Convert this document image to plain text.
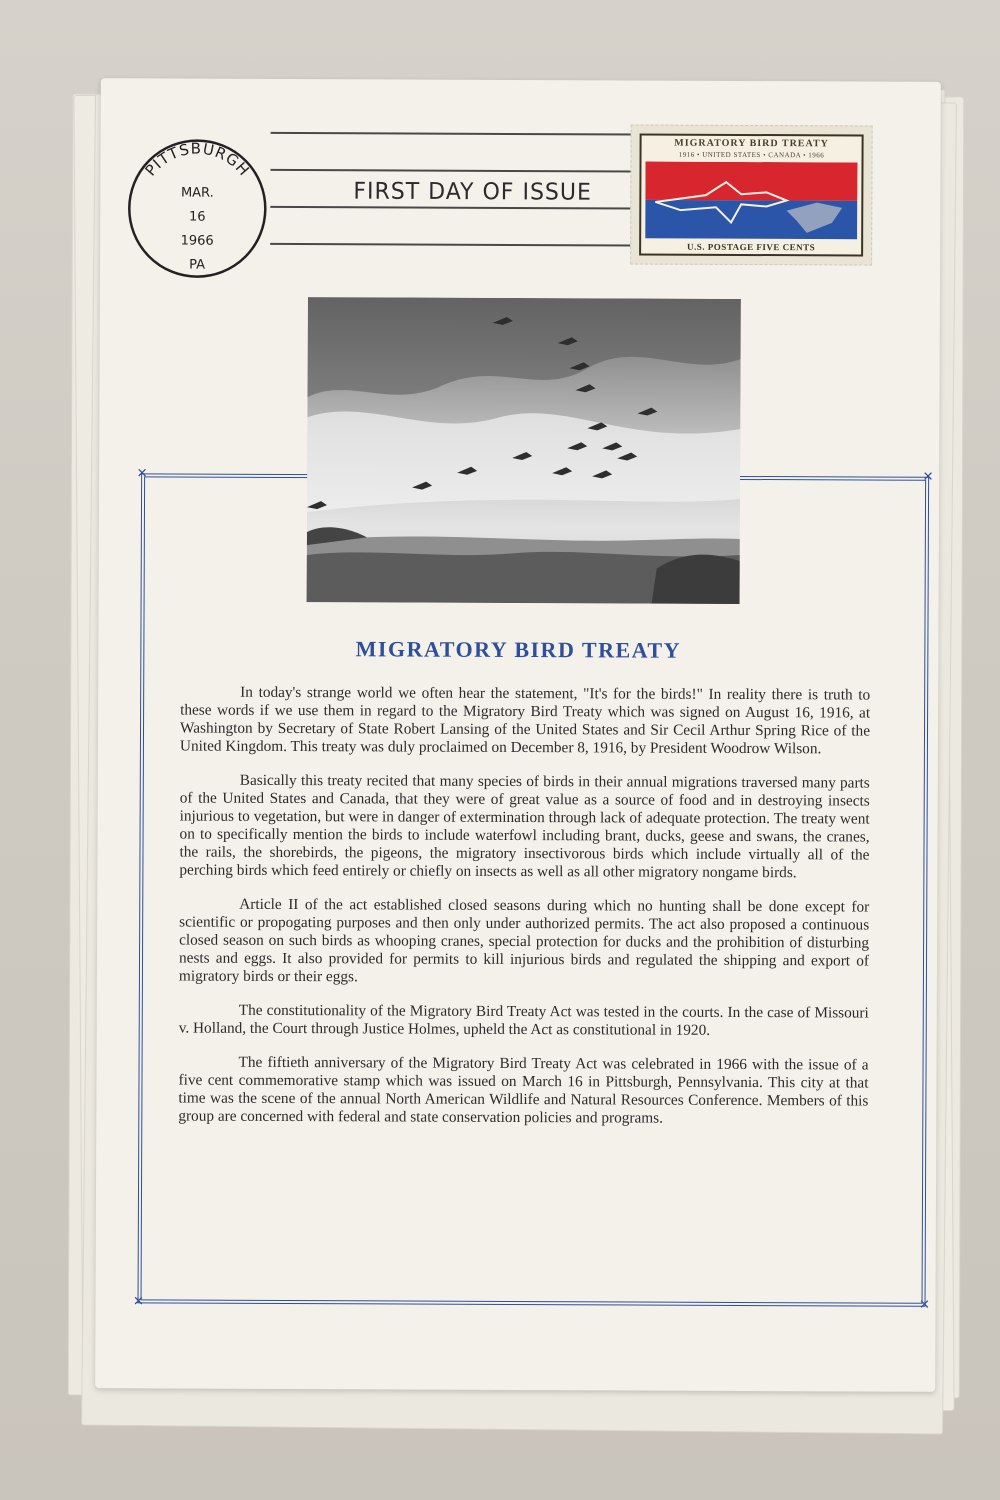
PITTSBURGH
MAR.
16
1966
PA
FIRST DAY OF ISSUE
MIGRATORY BIRD TREATY
1916 • UNITED STATES • CANADA • 1966
U.S. POSTAGE FIVE CENTS
✕	✕
✕	✕
MIGRATORY BIRD TREATY

In today's strange world we often hear the statement, "It's for the birds!" In reality there is truth to these words if we use them in regard to the Migratory Bird Treaty which was signed on August 16, 1916, at Washington by Secretary of State Robert Lansing of the United States and Sir Cecil Arthur Spring Rice of the United Kingdom. This treaty was duly proclaimed on December 8, 1916, by President Woodrow Wilson.

Basically this treaty recited that many species of birds in their annual migrations traversed many parts of the United States and Canada, that they were of great value as a source of food and in destroying insects injurious to vegetation, but were in danger of extermination through lack of adequate protection. The treaty went on to specifically mention the birds to include waterfowl including brant, ducks, geese and swans, the cranes, the rails, the shorebirds, the pigeons, the migratory insectivorous birds which include virtually all of the perching birds which feed entirely or chiefly on insects as well as all other migratory nongame birds.

Article II of the act established closed seasons during which no hunting shall be done except for scientific or propogating purposes and then only under authorized permits. The act also proposed a continuous closed season on such birds as whooping cranes, special protection for ducks and the prohibition of disturbing nests and eggs. It also provided for permits to kill injurious birds and regulated the shipping and export of migratory birds or their eggs.

The constitutionality of the Migratory Bird Treaty Act was tested in the courts. In the case of Missouri v. Holland, the Court through Justice Holmes, upheld the Act as constitutional in 1920.

The fiftieth anniversary of the Migratory Bird Treaty Act was celebrated in 1966 with the issue of a five cent commemorative stamp which was issued on March 16 in Pittsburgh, Pennsylvania. This city at that time was the scene of the annual North American Wildlife and Natural Resources Conference. Members of this group are concerned with federal and state conservation policies and programs.
